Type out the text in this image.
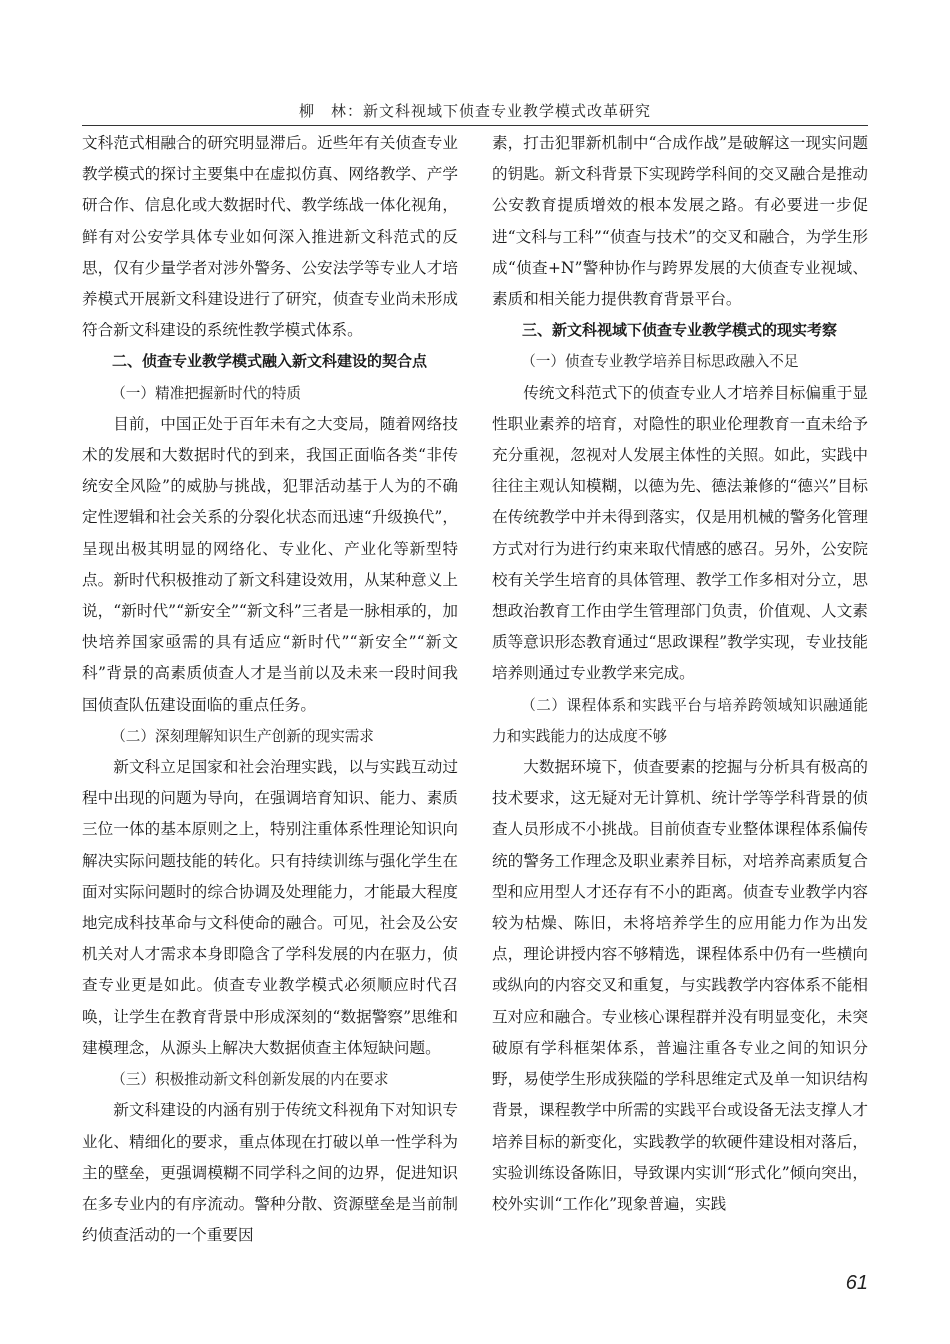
柳　林：新文科视域下侦查专业教学模式改革研究

文科范式相融合的研究明显滞后。近些年有关侦查专业教学模式的探讨主要集中在虚拟仿真、网络教学、产学研合作、信息化或大数据时代、教学练战一体化视角，鲜有对公安学具体专业如何深入推进新文科范式的反思，仅有少量学者对涉外警务、公安法学等专业人才培养模式开展新文科建设进行了研究，侦查专业尚未形成符合新文科建设的系统性教学模式体系。

二、侦查专业教学模式融入新文科建设的契合点

（一）精准把握新时代的特质

目前，中国正处于百年未有之大变局，随着网络技术的发展和大数据时代的到来，我国正面临各类“非传统安全风险”的威胁与挑战，犯罪活动基于人为的不确定性逻辑和社会关系的分裂化状态而迅速“升级换代”，呈现出极其明显的网络化、专业化、产业化等新型特点。新时代积极推动了新文科建设效用，从某种意义上说，“新时代”“新安全”“新文科”三者是一脉相承的，加快培养国家亟需的具有适应“新时代”“新安全”“新文科”背景的高素质侦查人才是当前以及未来一段时间我国侦查队伍建设面临的重点任务。

（二）深刻理解知识生产创新的现实需求

新文科立足国家和社会治理实践，以与实践互动过程中出现的问题为导向，在强调培育知识、能力、素质三位一体的基本原则之上，特别注重体系性理论知识向解决实际问题技能的转化。只有持续训练与强化学生在面对实际问题时的综合协调及处理能力，才能最大程度地完成科技革命与文科使命的融合。可见，社会及公安机关对人才需求本身即隐含了学科发展的内在驱力，侦查专业更是如此。侦查专业教学模式必须顺应时代召唤，让学生在教育背景中形成深刻的“数据警察”思维和建模理念，从源头上解决大数据侦查主体短缺问题。

（三）积极推动新文科创新发展的内在要求

新文科建设的内涵有别于传统文科视角下对知识专业化、精细化的要求，重点体现在打破以单一性学科为主的壁垒，更强调模糊不同学科之间的边界，促进知识在多专业内的有序流动。警种分散、资源壁垒是当前制约侦查活动的一个重要因

素，打击犯罪新机制中“合成作战”是破解这一现实问题的钥匙。新文科背景下实现跨学科间的交叉融合是推动公安教育提质增效的根本发展之路。有必要进一步促进“文科与工科”“侦查与技术”的交叉和融合，为学生形成“侦查+N”警种协作与跨界发展的大侦查专业视域、素质和相关能力提供教育背景平台。

三、新文科视域下侦查专业教学模式的现实考察

（一）侦查专业教学培养目标思政融入不足

传统文科范式下的侦查专业人才培养目标偏重于显性职业素养的培育，对隐性的职业伦理教育一直未给予充分重视，忽视对人发展主体性的关照。如此，实践中往往主观认知模糊，以德为先、德法兼修的“德兴”目标在传统教学中并未得到落实，仅是用机械的警务化管理方式对行为进行约束来取代情感的感召。另外，公安院校有关学生培育的具体管理、教学工作多相对分立，思想政治教育工作由学生管理部门负责，价值观、人文素质等意识形态教育通过“思政课程”教学实现，专业技能培养则通过专业教学来完成。

（二）课程体系和实践平台与培养跨领域知识融通能力和实践能力的达成度不够

大数据环境下，侦查要素的挖掘与分析具有极高的技术要求，这无疑对无计算机、统计学等学科背景的侦查人员形成不小挑战。目前侦查专业整体课程体系偏传统的警务工作理念及职业素养目标，对培养高素质复合型和应用型人才还存有不小的距离。侦查专业教学内容较为枯燥、陈旧，未将培养学生的应用能力作为出发点，理论讲授内容不够精选，课程体系中仍有一些横向或纵向的内容交叉和重复，与实践教学内容体系不能相互对应和融合。专业核心课程群并没有明显变化，未突破原有学科框架体系，普遍注重各专业之间的知识分野，易使学生形成狭隘的学科思维定式及单一知识结构背景，课程教学中所需的实践平台或设备无法支撑人才培养目标的新变化，实践教学的软硬件建设相对落后，实验训练设备陈旧，导致课内实训“形式化”倾向突出，校外实训“工作化”现象普遍，实践

61
